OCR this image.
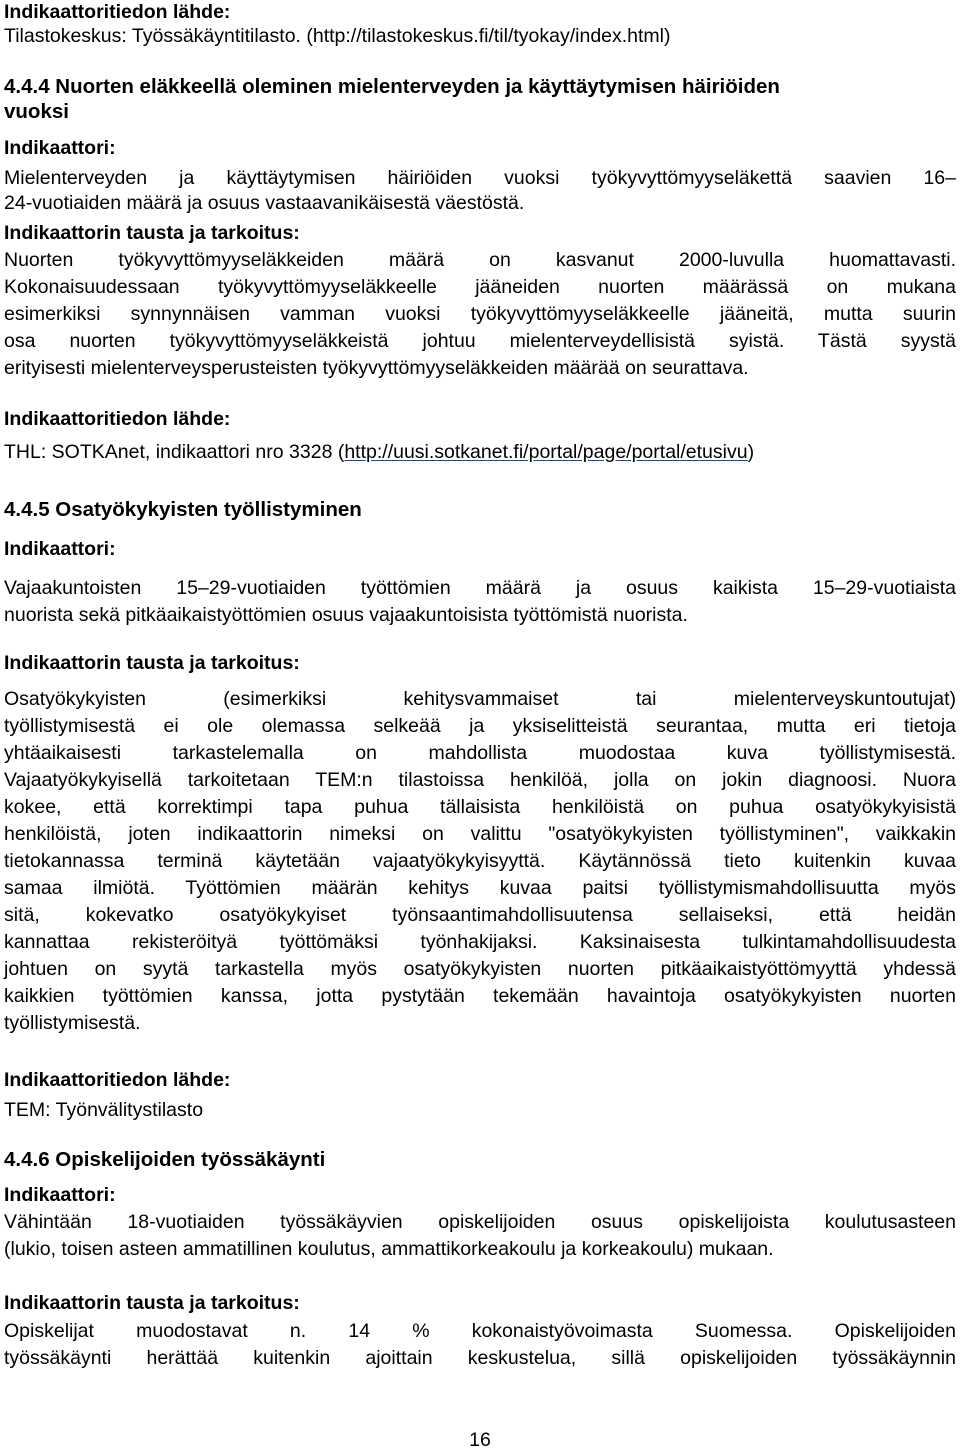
Indikaattoritiedon lähde:
Tilastokeskus: Työssäkäyntitilasto. (http://tilastokeskus.fi/til/tyokay/index.html)
4.4.4 Nuorten eläkkeellä oleminen mielenterveyden ja käyttäytymisen häiriöiden
vuoksi
Indikaattori:
Mielenterveyden ja käyttäytymisen häiriöiden vuoksi työkyvyttömyyseläkettä saavien 16–
24-vuotiaiden määrä ja osuus vastaavanikäisestä väestöstä.
Indikaattorin tausta ja tarkoitus:
Nuorten työkyvyttömyyseläkkeiden määrä on kasvanut 2000-luvulla huomattavasti.
Kokonaisuudessaan työkyvyttömyyseläkkeelle jääneiden nuorten määrässä on mukana
esimerkiksi synnynnäisen vamman vuoksi työkyvyttömyyseläkkeelle jääneitä, mutta suurin
osa nuorten työkyvyttömyyseläkkeistä johtuu mielenterveydellisistä syistä. Tästä syystä
erityisesti mielenterveysperusteisten työkyvyttömyyseläkkeiden määrää on seurattava.
Indikaattoritiedon lähde:
THL: SOTKAnet, indikaattori nro 3328 (http://uusi.sotkanet.fi/portal/page/portal/etusivu)
4.4.5 Osatyökykyisten työllistyminen
Indikaattori:
Vajaakuntoisten 15–29-vuotiaiden työttömien määrä ja osuus kaikista 15–29-vuotiaista
nuorista sekä pitkäaikaistyöttömien osuus vajaakuntoisista työttömistä nuorista.
Indikaattorin tausta ja tarkoitus:
Osatyökykyisten (esimerkiksi kehitysvammaiset tai mielenterveyskuntoutujat)
työllistymisestä ei ole olemassa selkeää ja yksiselitteistä seurantaa, mutta eri tietoja
yhtäaikaisesti tarkastelemalla on mahdollista muodostaa kuva työllistymisestä.
Vajaatyökykyisellä tarkoitetaan TEM:n tilastoissa henkilöä, jolla on jokin diagnoosi. Nuora
kokee, että korrektimpi tapa puhua tällaisista henkilöistä on puhua osatyökykyisistä
henkilöistä, joten indikaattorin nimeksi on valittu "osatyökykyisten työllistyminen", vaikkakin
tietokannassa terminä käytetään vajaatyökykyisyyttä. Käytännössä tieto kuitenkin kuvaa
samaa ilmiötä. Työttömien määrän kehitys kuvaa paitsi työllistymismahdollisuutta myös
sitä, kokevatko osatyökykyiset työnsaantimahdollisuutensa sellaiseksi, että heidän
kannattaa rekisteröityä työttömäksi työnhakijaksi. Kaksinaisesta tulkintamahdollisuudesta
johtuen on syytä tarkastella myös osatyökykyisten nuorten pitkäaikaistyöttömyyttä yhdessä
kaikkien työttömien kanssa, jotta pystytään tekemään havaintoja osatyökykyisten nuorten
työllistymisestä.
Indikaattoritiedon lähde:
TEM: Työnvälitystilasto
4.4.6 Opiskelijoiden työssäkäynti
Indikaattori:
Vähintään 18-vuotiaiden työssäkäyvien opiskelijoiden osuus opiskelijoista koulutusasteen
(lukio, toisen asteen ammatillinen koulutus, ammattikorkeakoulu ja korkeakoulu) mukaan.
Indikaattorin tausta ja tarkoitus:
Opiskelijat muodostavat n. 14 % kokonaistyövoimasta Suomessa. Opiskelijoiden
työssäkäynti herättää kuitenkin ajoittain keskustelua, sillä opiskelijoiden työssäkäynnin
16
